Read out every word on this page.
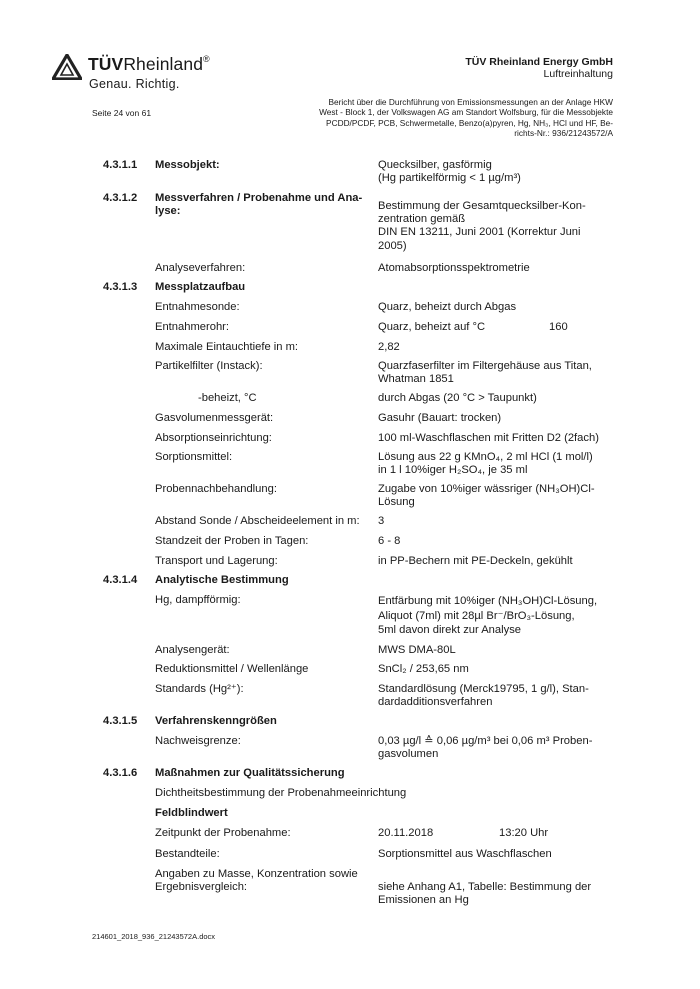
TÜVRheinland®
Genau. Richtig.
TÜV Rheinland Energy GmbH
Luftreinhaltung
Seite 24 von 61
Bericht über die Durchführung von Emissionsmessungen an der Anlage HKW
West - Block 1, der Volkswagen AG am Standort Wolfsburg, für die Messobjekte
PCDD/PCDF, PCB, Schwermetalle, Benzo(a)pyren, Hg, NH₃, HCl und HF, Be-
richts-Nr.: 936/21243572/A
4.3.1.1 Messobjekt:	Quecksilber, gasförmig
(Hg partikelförmig < 1 µg/m³)
4.3.1.2 Messverfahren / Probenahme und Ana-
lyse:	Bestimmung der Gesamtquecksilber-Kon-
zentration gemäß
DIN EN 13211, Juni 2001 (Korrektur Juni
2005)
Analyseverfahren:	Atomabsorptionsspektrometrie
4.3.1.3 Messplatzaufbau
Entnahmesonde:	Quarz, beheizt durch Abgas
Entnahmerohr:	Quarz, beheizt auf °C	160
Maximale Eintauchtiefe in m:	2,82
Partikelfilter (Instack):	Quarzfaserfilter im Filtergehäuse aus Titan,
Whatman 1851
-beheizt, °C	durch Abgas (20 °C > Taupunkt)
Gasvolumenmessgerät:	Gasuhr (Bauart: trocken)
Absorptionseinrichtung:	100 ml-Waschflaschen mit Fritten D2 (2fach)
Sorptionsmittel:	Lösung aus 22 g KMnO₄, 2 ml HCl (1 mol/l)
in 1 l 10%iger H₂SO₄, je 35 ml
Probennachbehandlung:	Zugabe von 10%iger wässriger (NH₃OH)Cl-
Lösung
Abstand Sonde / Abscheideelement in m:	3
Standzeit der Proben in Tagen:	6 - 8
Transport und Lagerung:	in PP-Bechern mit PE-Deckeln, gekühlt
4.3.1.4 Analytische Bestimmung
Hg, dampfförmig:	Entfärbung mit 10%iger (NH₃OH)Cl-Lösung,
Aliquot (7ml) mit 28µl Br⁻/BrO₃-Lösung,
5ml davon direkt zur Analyse
Analysengerät:	MWS DMA-80L
Reduktionsmittel / Wellenlänge	SnCl₂ / 253,65 nm
Standards (Hg²⁺):	Standardlösung (Merck19795, 1 g/l), Stan-
dardadditionsverfahren
4.3.1.5 Verfahrenskenngrößen
Nachweisgrenze:	0,03 µg/l ≙ 0,06 µg/m³ bei 0,06 m³ Proben-
gasvolumen
4.3.1.6 Maßnahmen zur Qualitätssicherung
Dichtheitsbestimmung der Probenahmeeinrichtung
Feldblindwert
Zeitpunkt der Probenahme:	20.11.2018	13:20 Uhr
Bestandteile:	Sorptionsmittel aus Waschflaschen
Angaben zu Masse, Konzentration sowie
Ergebnisvergleich:	siehe Anhang A1, Tabelle: Bestimmung der
Emissionen an Hg
214601_2018_936_21243572A.docx
